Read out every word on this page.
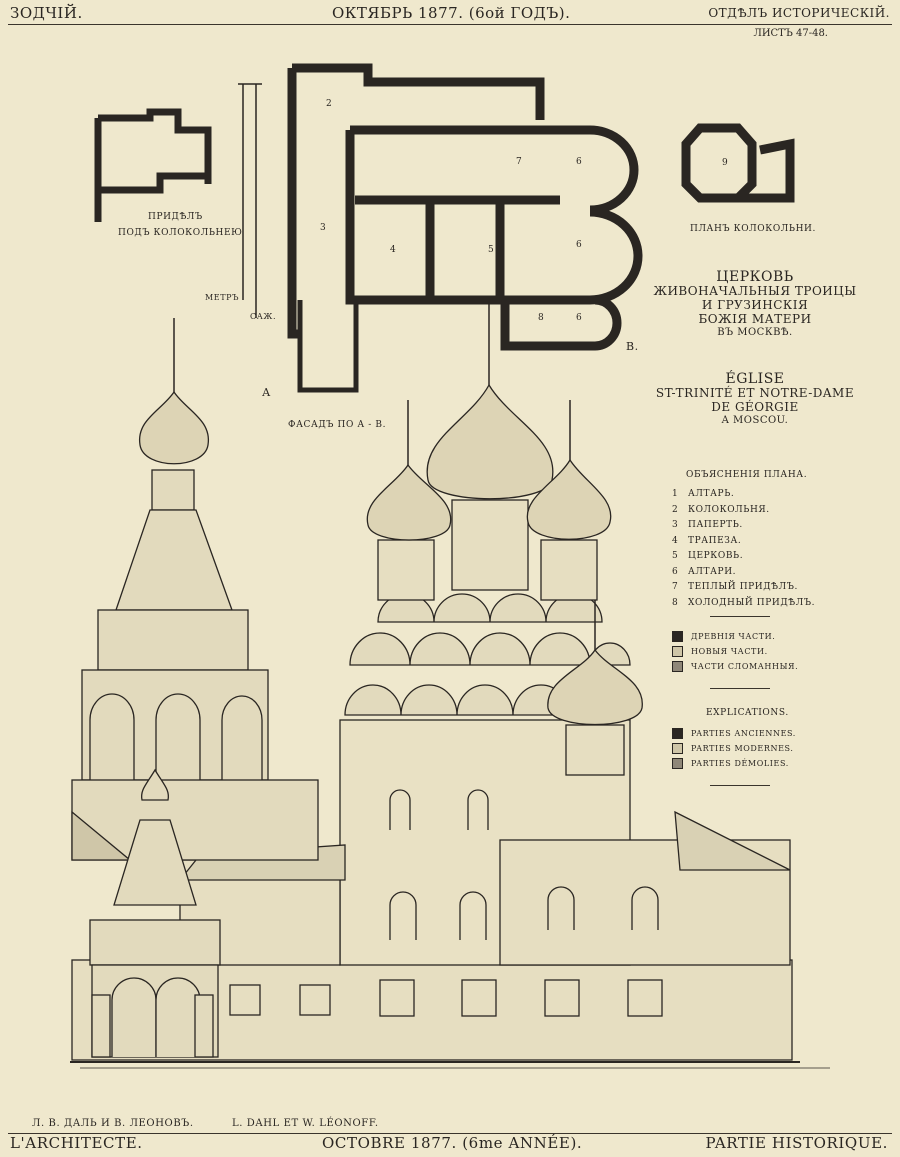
ЗОДЧІЙ.	ОКТЯБРЬ 1877. (6ой ГОДЪ).	ОТДѢЛЪ ИСТОРИЧЕСКІЙ.
ЛИСТЪ 47-48.
2
3
4	5
7	6
6
8	6
9
ПРИДѢЛЪ
ПОДЪ КОЛОКОЛЬНЕЮ	ПЛАНЪ КОЛОКОЛЬНИ.
МЕТРЪ
САЖ.
ФАСАДЪ ПО А - В.
А
В.
ЦЕРКОВЬ
ЖИВОНАЧАЛЬНЫЯ ТРОИЦЫ
И ГРУЗИНСКІЯ
БОЖІЯ МАТЕРИ
ВЪ МОСКВѢ.
ÉGLISE
ST-TRINITÉ ET NOTRE-DAME
DE GÉORGIE
A MOSCOU.
ОБЪЯСНЕНІЯ ПЛАНА.
1 АЛТАРЬ.
2 КОЛОКОЛЬНЯ.
3 ПАПЕРТЬ.
4 ТРАПЕЗА.
5 ЦЕРКОВЬ.
6 АЛТАРИ.
7 ТЕПЛЫЙ ПРИДѢЛЪ.
8 ХОЛОДНЫЙ ПРИДѢЛЪ.
ДРЕВНІЯ ЧАСТИ.
НОВЫЯ ЧАСТИ.
ЧАСТИ СЛОМАННЫЯ.
EXPLICATIONS.
PARTIES ANCIENNES.
PARTIES MODERNES.
PARTIES DÉMOLIES.
Л. В. ДАЛЬ И В. ЛЕОНОВЪ.	L. DAHL ET W. LÉONOFF.
L'ARCHITECTE.	OCTOBRE 1877. (6me ANNÉE).	PARTIE HISTORIQUE.
